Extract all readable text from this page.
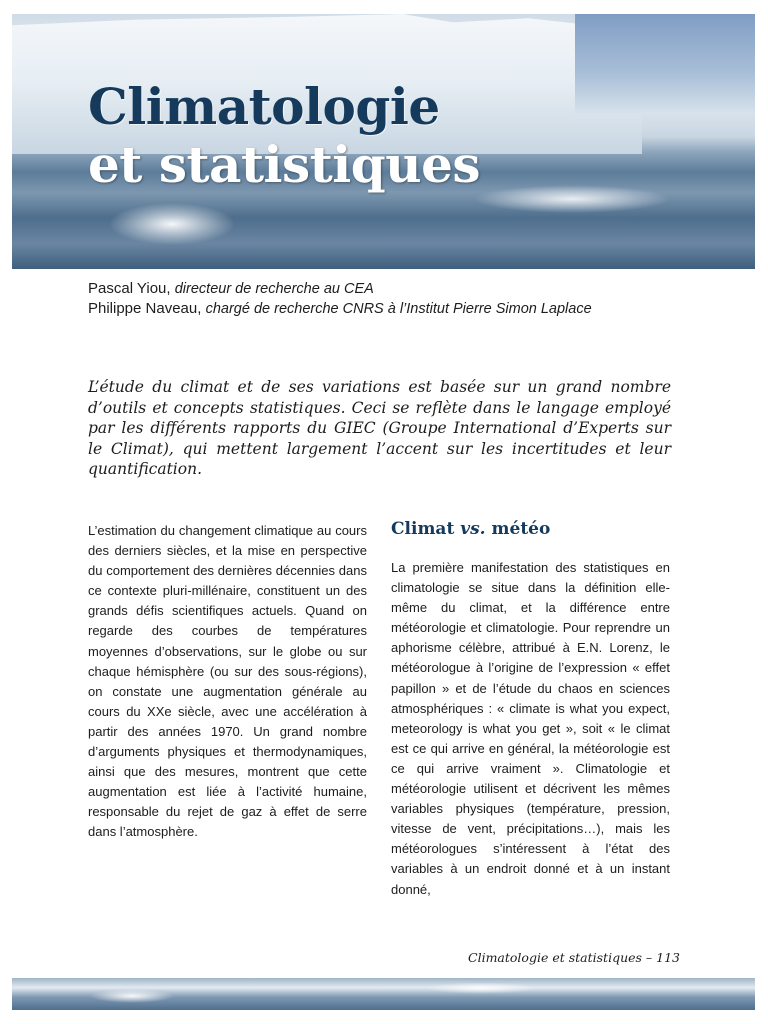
Climatologie
et statistiques
Pascal Yiou, directeur de recherche au CEA
Philippe Naveau, chargé de recherche CNRS à l’Institut Pierre Simon Laplace
L’étude du climat et de ses variations est basée sur un grand nombre d’outils et concepts statistiques. Ceci se reflète dans le langage employé par les différents rapports du GIEC (Groupe International d’Experts sur le Climat), qui mettent largement l’accent sur les incertitudes et leur quantification.

L’estimation du changement climatique au cours des derniers siècles, et la mise en perspective du comportement des dernières décennies dans ce contexte pluri-millénaire, constituent un des grands défis scientifiques actuels. Quand on regarde des courbes de températures moyennes d’observations, sur le globe ou sur chaque hémisphère (ou sur des sous-régions), on constate une augmentation générale au cours du XXe siècle, avec une accélération à partir des années 1970. Un grand nombre d’arguments physiques et thermodynamiques, ainsi que des mesures, montrent que cette augmentation est liée à l’activité humaine, responsable du rejet de gaz à effet de serre dans l’atmosphère.

Climat vs. météo

La première manifestation des statistiques en climatologie se situe dans la définition elle-même du climat, et la différence entre météorologie et climatologie. Pour reprendre un aphorisme célèbre, attribué à E.N. Lorenz, le météorologue à l’origine de l’expression « effet papillon » et de l’étude du chaos en sciences atmosphériques : « climate is what you expect, meteorology is what you get », soit « le climat est ce qui arrive en général, la météorologie est ce qui arrive vraiment ». Climatologie et météorologie utilisent et décrivent les mêmes variables physiques (température, pression, vitesse de vent, précipitations…), mais les météorologues s’intéressent à l’état des variables à un endroit donné et à un instant donné,

Climatologie et statistiques – 113
